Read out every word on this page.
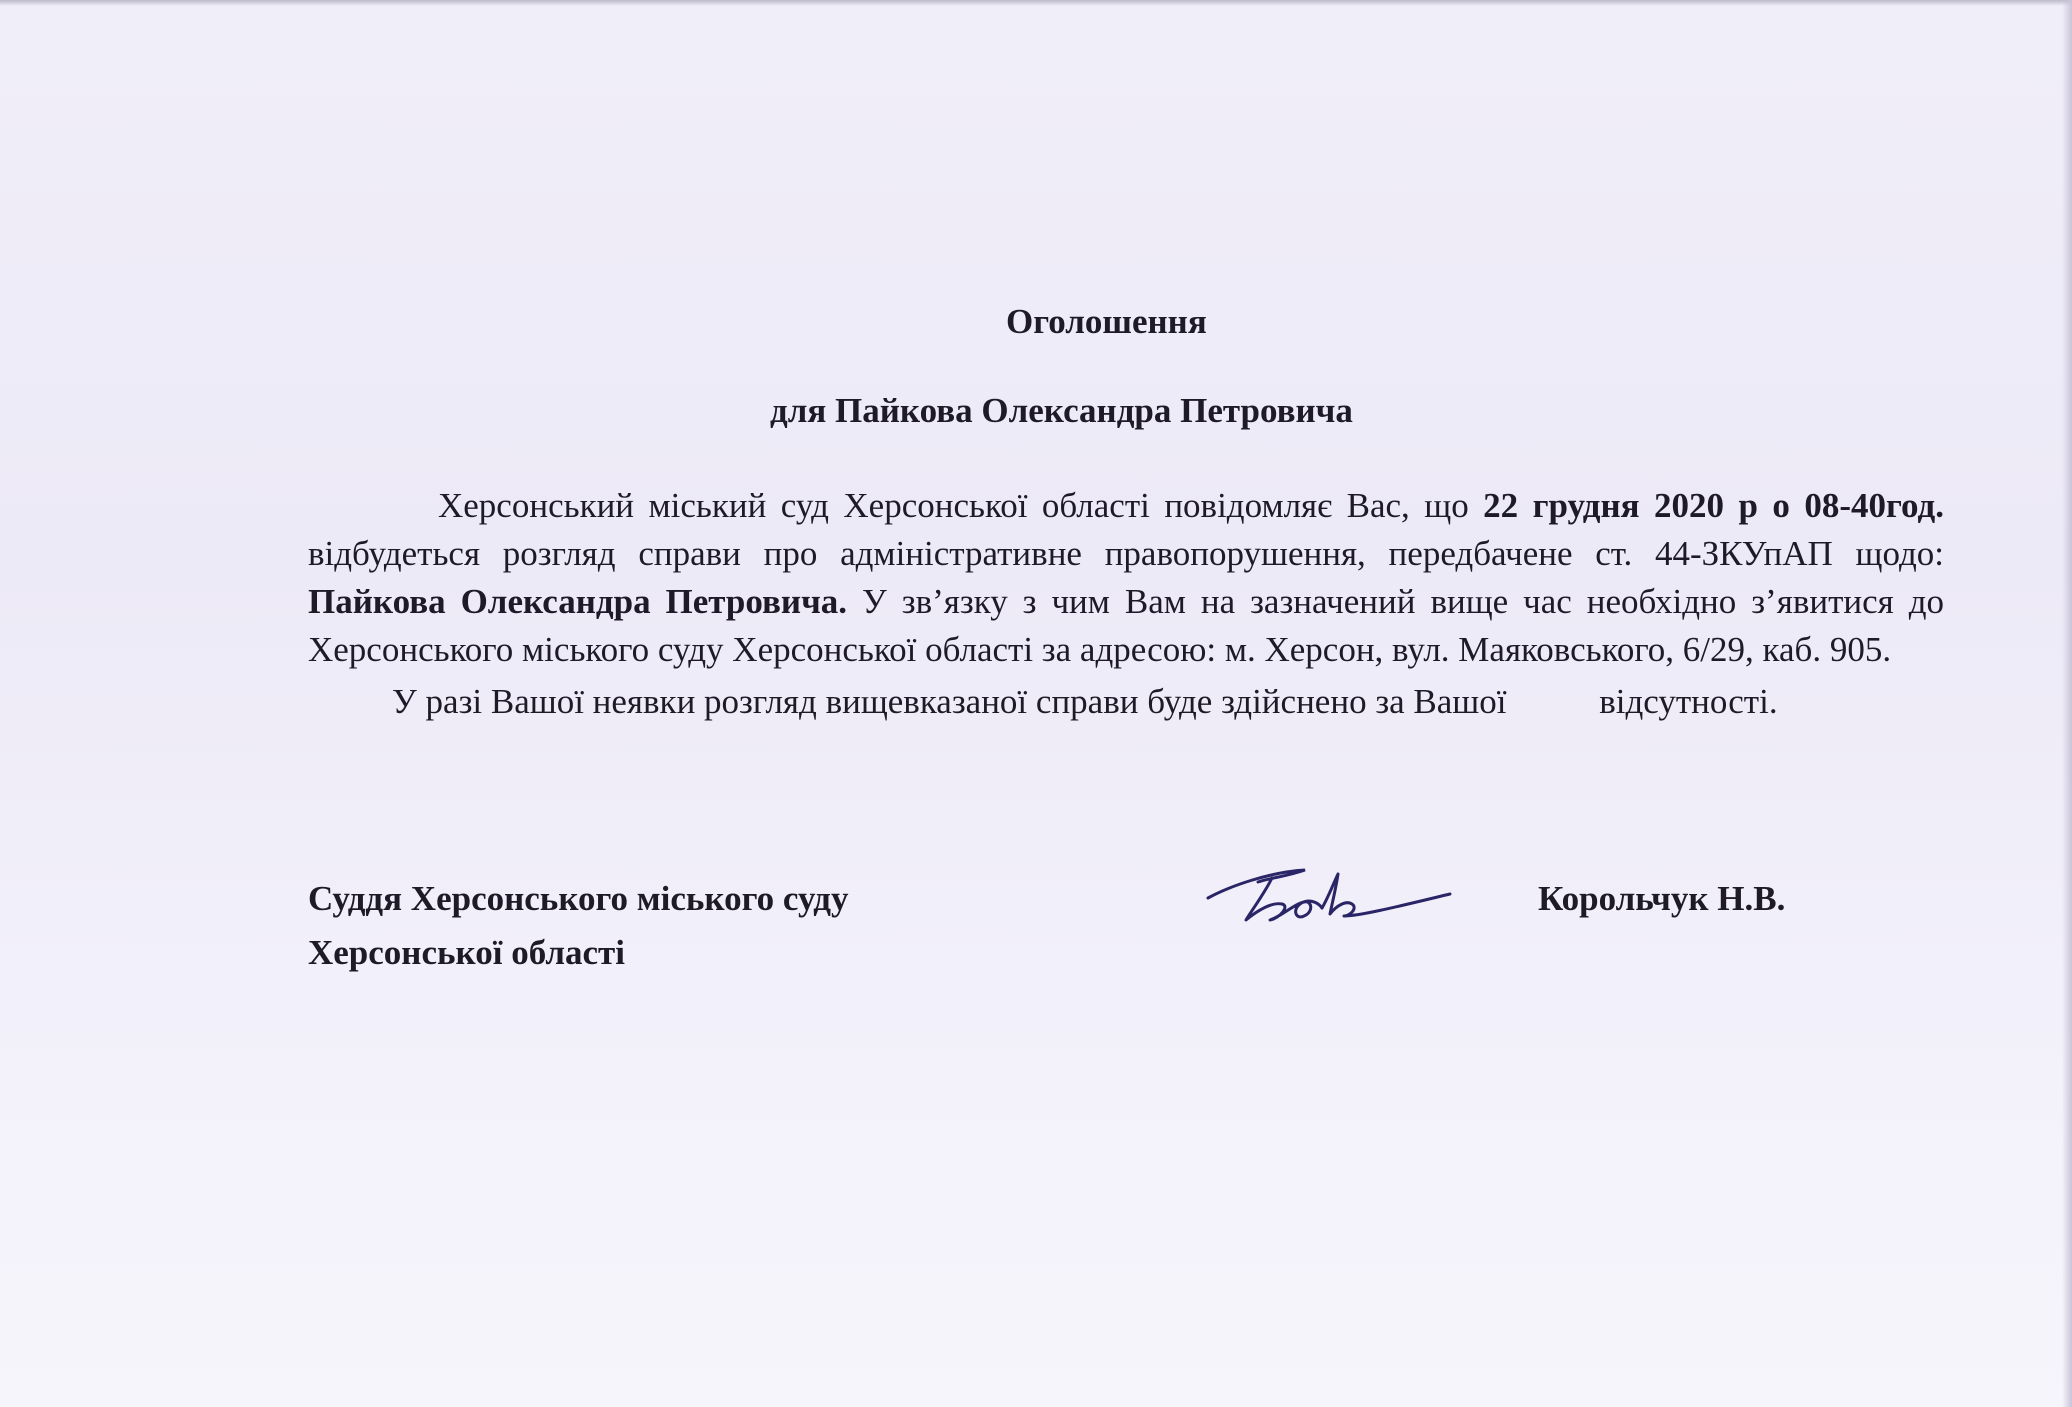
Оголошення

для Пайкова Олександра Петровича

Херсонський міський суд Херсонської області повідомляє Вас, що 22 грудня 2020 р о 08-40год. відбудеться розгляд справи про адміністративне правопорушення, передбачене ст. 44-ЗКУпАП щодо: Пайкова Олександра Петровича. У зв’язку з чим Вам на зазначений вище час необхідно з’явитися до Херсонського міського суду Херсонської області за адресою: м. Херсон, вул. Маяковського, 6/29, каб. 905.

У разі Вашої неявки розгляд вищевказаної справи буде здійснено за Вашої відсутності.

Суддя Херсонського міського суду
Херсонської області
Корольчук Н.В.
